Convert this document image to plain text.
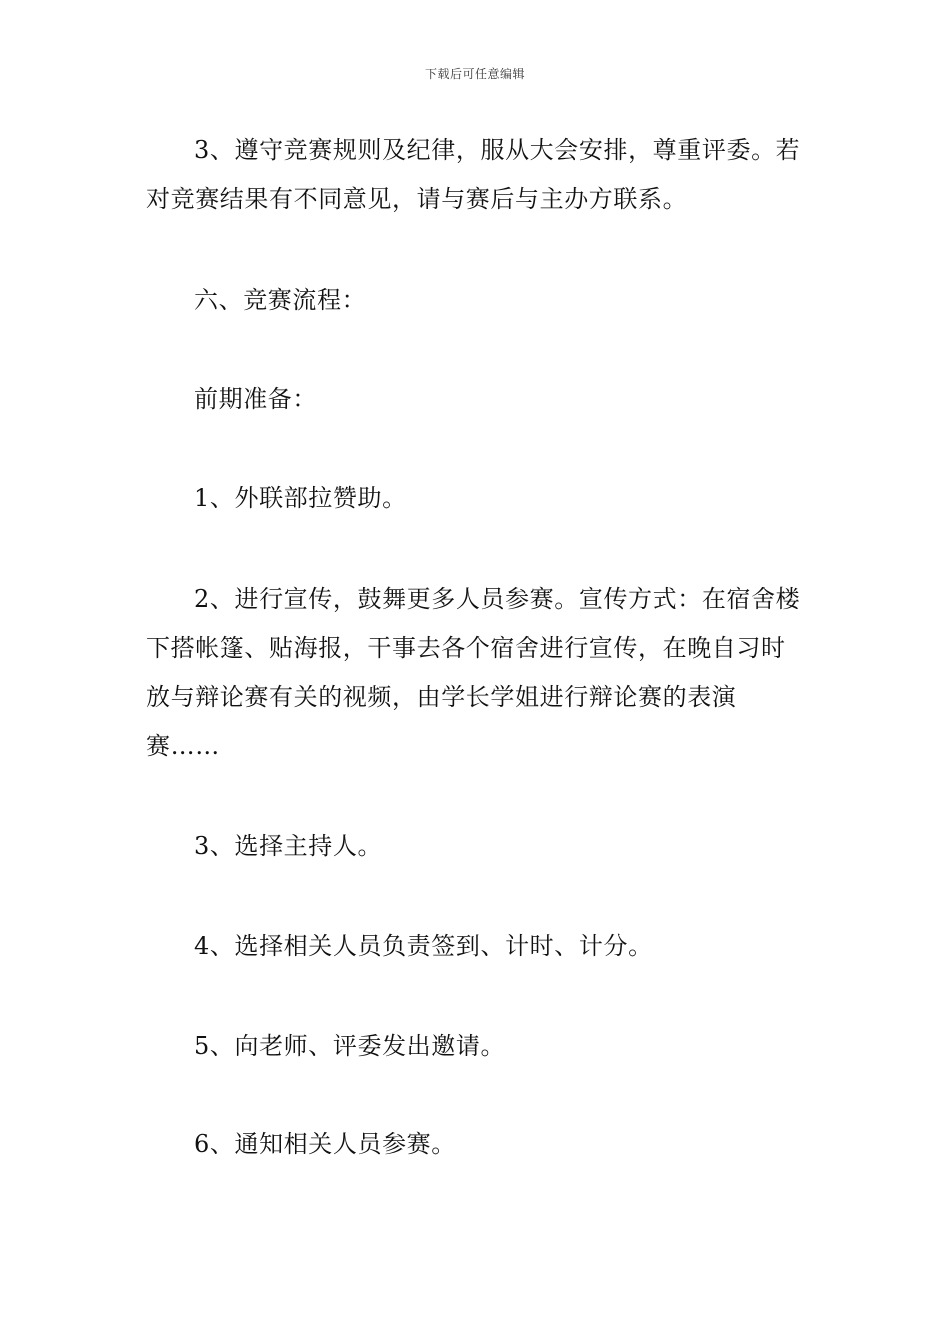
下载后可任意编辑

3、遵守竞赛规则及纪律，服从大会安排，尊重评委。若对竞赛结果有不同意见，请与赛后与主办方联系。

六、竞赛流程：

前期准备：

1、外联部拉赞助。

2、进行宣传，鼓舞更多人员参赛。宣传方式：在宿舍楼下搭帐篷、贴海报，干事去各个宿舍进行宣传，在晚自习时放与辩论赛有关的视频，由学长学姐进行辩论赛的表演赛……

3、选择主持人。

4、选择相关人员负责签到、计时、计分。

5、向老师、评委发出邀请。

6、通知相关人员参赛。
